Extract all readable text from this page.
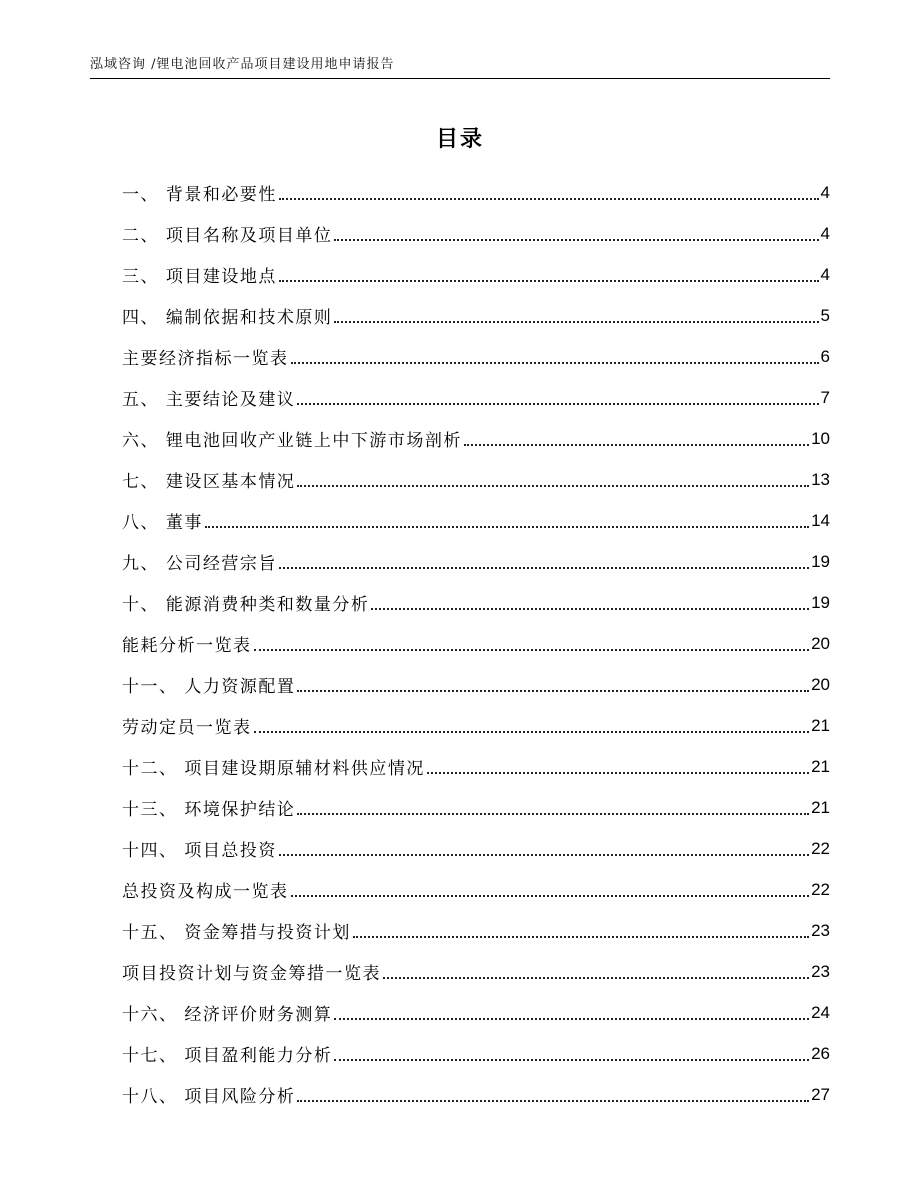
泓域咨询 /锂电池回收产品项目建设用地申请报告
目录
一、 背景和必要性	4
二、 项目名称及项目单位	4
三、 项目建设地点	4
四、 编制依据和技术原则	5
主要经济指标一览表	6
五、 主要结论及建议	7
六、 锂电池回收产业链上中下游市场剖析	10
七、 建设区基本情况	13
八、 董事	14
九、 公司经营宗旨	19
十、 能源消费种类和数量分析	19
能耗分析一览表	20
十一、 人力资源配置	20
劳动定员一览表	21
十二、 项目建设期原辅材料供应情况	21
十三、 环境保护结论	21
十四、 项目总投资	22
总投资及构成一览表	22
十五、 资金筹措与投资计划	23
项目投资计划与资金筹措一览表	23
十六、 经济评价财务测算	24
十七、 项目盈利能力分析	26
十八、 项目风险分析	27
